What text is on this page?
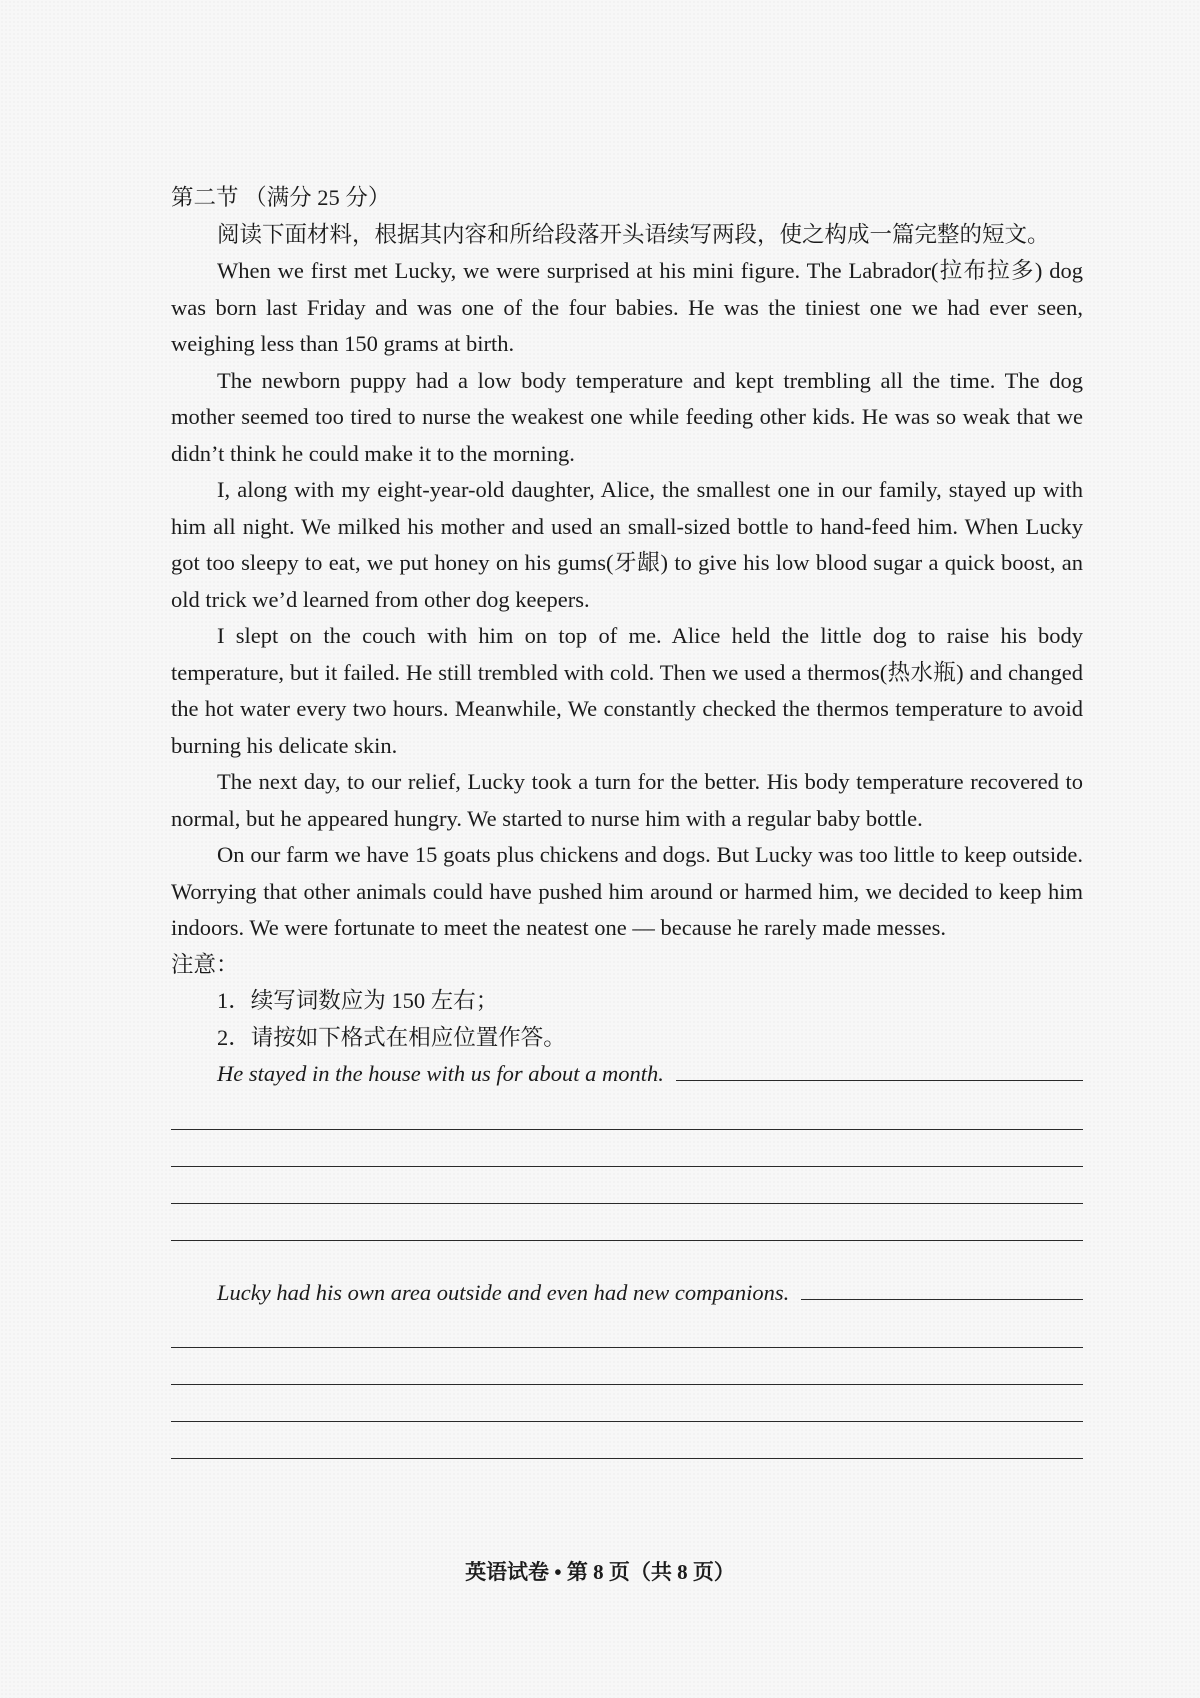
第二节 （满分 25 分）

阅读下面材料，根据其内容和所给段落开头语续写两段，使之构成一篇完整的短文。

When we first met Lucky, we were surprised at his mini figure. The Labrador(拉布拉多) dog was born last Friday and was one of the four babies. He was the tiniest one we had ever seen, weighing less than 150 grams at birth.

The newborn puppy had a low body temperature and kept trembling all the time. The dog mother seemed too tired to nurse the weakest one while feeding other kids. He was so weak that we didn’t think he could make it to the morning.

I, along with my eight-year-old daughter, Alice, the smallest one in our family, stayed up with him all night. We milked his mother and used an small-sized bottle to hand-feed him. When Lucky got too sleepy to eat, we put honey on his gums(牙龈) to give his low blood sugar a quick boost, an old trick we’d learned from other dog keepers.

I slept on the couch with him on top of me. Alice held the little dog to raise his body temperature, but it failed. He still trembled with cold. Then we used a thermos(热水瓶) and changed the hot water every two hours. Meanwhile, We constantly checked the thermos temperature to avoid burning his delicate skin.

The next day, to our relief, Lucky took a turn for the better. His body temperature recovered to normal, but he appeared hungry. We started to nurse him with a regular baby bottle.

On our farm we have 15 goats plus chickens and dogs. But Lucky was too little to keep outside. Worrying that other animals could have pushed him around or harmed him, we decided to keep him indoors. We were fortunate to meet the neatest one — because he rarely made messes.

注意：

1．续写词数应为 150 左右；

2．请按如下格式在相应位置作答。

He stayed in the house with us for about a month.
Lucky had his own area outside and even had new companions.
英语试卷 • 第 8 页（共 8 页）
